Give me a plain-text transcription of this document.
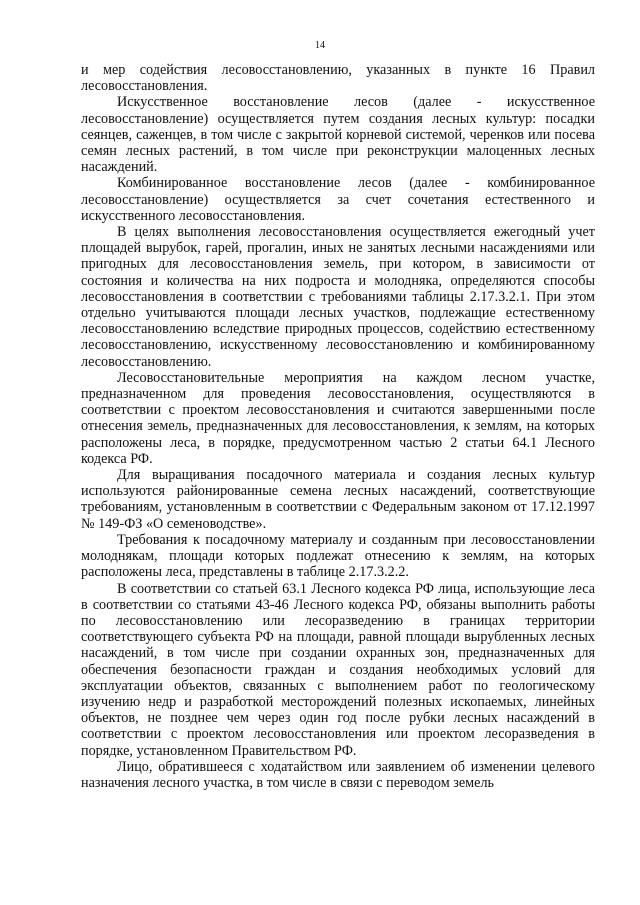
14

и мер содействия лесовосстановлению, указанных в пункте 16 Правил лесовосстановления.

Искусственное восстановление лесов (далее - искусственное лесовосстановление) осуществляется путем создания лесных культур: посадки сеянцев, саженцев, в том числе с закрытой корневой системой, черенков или посева семян лесных растений, в том числе при реконструкции малоценных лесных насаждений.

Комбинированное восстановление лесов (далее - комбинированное лесовосстановление) осуществляется за счет сочетания естественного и искусственного лесовосстановления.

В целях выполнения лесовосстановления осуществляется ежегодный учет площадей вырубок, гарей, прогалин, иных не занятых лесными насаждениями или пригодных для лесовосстановления земель, при котором, в зависимости от состояния и количества на них подроста и молодняка, определяются способы лесовосстановления в соответствии с требованиями таблицы 2.17.3.2.1. При этом отдельно учитываются площади лесных участков, подлежащие естественному лесовосстановлению вследствие природных процессов, содействию естественному лесовосстановлению, искусственному лесовосстановлению и комбинированному лесовосстановлению.

Лесовосстановительные мероприятия на каждом лесном участке, предназначенном для проведения лесовосстановления, осуществляются в соответствии с проектом лесовосстановления и считаются завершенными после отнесения земель, предназначенных для лесовосстановления, к землям, на которых расположены леса, в порядке, предусмотренном частью 2 статьи 64.1 Лесного кодекса РФ.

Для выращивания посадочного материала и создания лесных культур используются районированные семена лесных насаждений, соответствующие требованиям, установленным в соответствии с Федеральным законом от 17.12.1997 № 149-ФЗ «О семеноводстве».

Требования к посадочному материалу и созданным при лесовосстановлении молоднякам, площади которых подлежат отнесению к землям, на которых расположены леса, представлены в таблице 2.17.3.2.2.

В соответствии со статьей 63.1 Лесного кодекса РФ лица, использующие леса в соответствии со статьями 43-46 Лесного кодекса РФ, обязаны выполнить работы по лесовосстановлению или лесоразведению в границах территории соответствующего субъекта РФ на площади, равной площади вырубленных лесных насаждений, в том числе при создании охранных зон, предназначенных для обеспечения безопасности граждан и создания необходимых условий для эксплуатации объектов, связанных с выполнением работ по геологическому изучению недр и разработкой месторождений полезных ископаемых, линейных объектов, не позднее чем через один год после рубки лесных насаждений в соответствии с проектом лесовосстановления или проектом лесоразведения в порядке, установленном Правительством РФ.

Лицо, обратившееся с ходатайством или заявлением об изменении целевого назначения лесного участка, в том числе в связи с переводом земель
